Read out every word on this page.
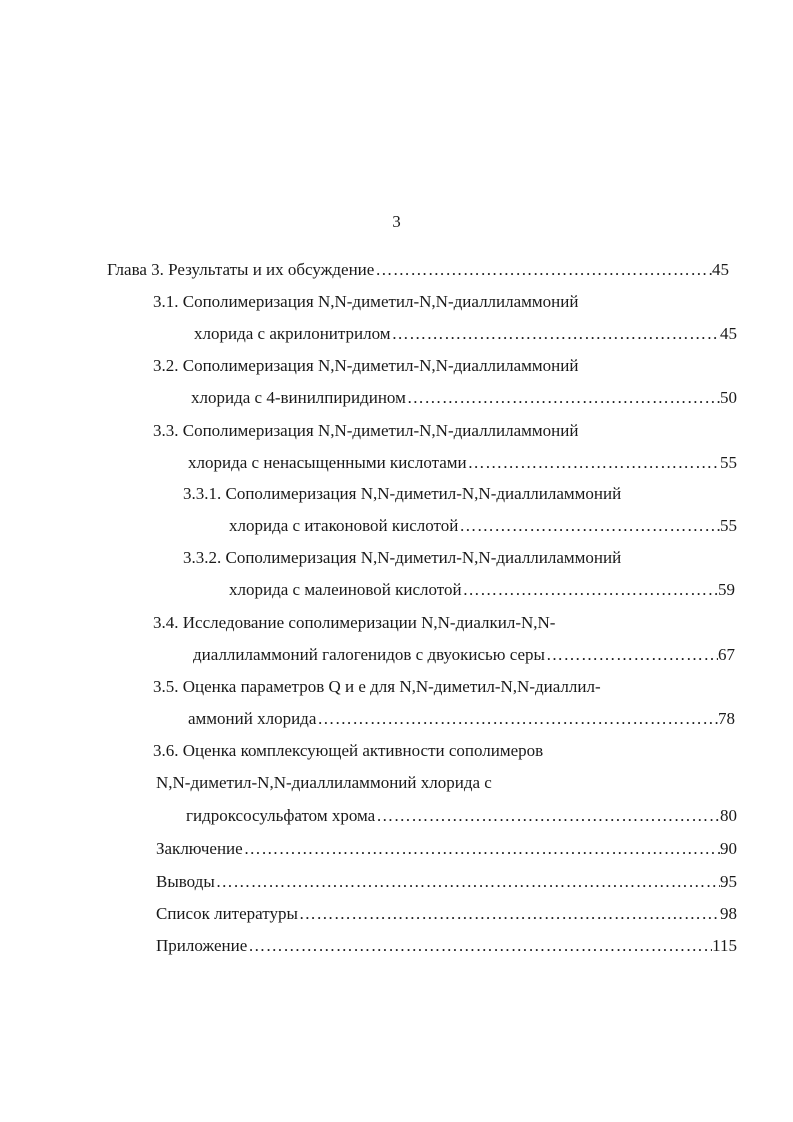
3
Глава 3. Результаты и их обсуждение ………………………………………………………………………………………………………………………………………………………………………	45
3.1. Сополимеризация N,N-диметил-N,N-диаллиламмоний
хлорида с акрилонитрилом ………………………………………………………………………………………………………………………………………………………………………	45
3.2. Сополимеризация N,N-диметил-N,N-диаллиламмоний
хлорида с 4-винилпиридином ………………………………………………………………………………………………………………………………………………………………………	50
3.3. Сополимеризация N,N-диметил-N,N-диаллиламмоний
хлорида с ненасыщенными кислотами ………………………………………………………………………………………………………………………………………………………………………	55
3.3.1. Сополимеризация N,N-диметил-N,N-диаллиламмоний
хлорида с итаконовой кислотой ………………………………………………………………………………………………………………………………………………………………………	55
3.3.2. Сополимеризация N,N-диметил-N,N-диаллиламмоний
хлорида с малеиновой кислотой ………………………………………………………………………………………………………………………………………………………………………	59
3.4. Исследование сополимеризации N,N-диалкил-N,N-
диаллиламмоний галогенидов с двуокисью серы ………………………………………………………………………………………………………………………………………………………………………	67
3.5. Оценка параметров Q и е для N,N-диметил-N,N-диаллил-
аммоний хлорида ………………………………………………………………………………………………………………………………………………………………………	78
3.6. Оценка комплексующей активности сополимеров
N,N-диметил-N,N-диаллиламмоний хлорида с
гидроксосульфатом хрома ………………………………………………………………………………………………………………………………………………………………………	80
Заключение ………………………………………………………………………………………………………………………………………………………………………	90
Выводы ………………………………………………………………………………………………………………………………………………………………………	95
Список литературы ………………………………………………………………………………………………………………………………………………………………………	98
Приложение ………………………………………………………………………………………………………………………………………………………………………	115
